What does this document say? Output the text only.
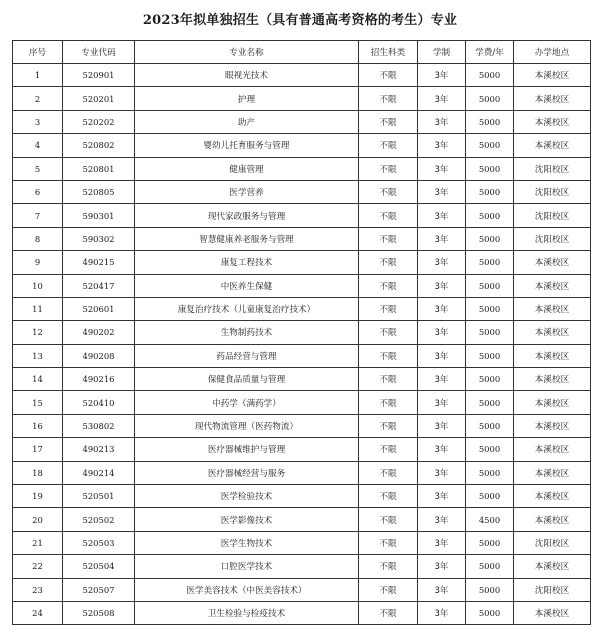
2023年拟单独招生（具有普通高考资格的考生）专业
序号	专业代码	专业名称	招生科类	学制	学费/年	办学地点
1	520901	眼视光技术	不限	3年	5000	本溪校区
2	520201	护理	不限	3年	5000	本溪校区
3	520202	助产	不限	3年	5000	本溪校区
4	520802	婴幼儿托育服务与管理	不限	3年	5000	本溪校区
5	520801	健康管理	不限	3年	5000	沈阳校区
6	520805	医学营养	不限	3年	5000	沈阳校区
7	590301	现代家政服务与管理	不限	3年	5000	沈阳校区
8	590302	智慧健康养老服务与管理	不限	3年	5000	沈阳校区
9	490215	康复工程技术	不限	3年	5000	本溪校区
10	520417	中医养生保健	不限	3年	5000	本溪校区
11	520601	康复治疗技术（儿童康复治疗技术）	不限	3年	5000	本溪校区
12	490202	生物制药技术	不限	3年	5000	本溪校区
13	490208	药品经营与管理	不限	3年	5000	本溪校区
14	490216	保健食品质量与管理	不限	3年	5000	本溪校区
15	520410	中药学（满药学）	不限	3年	5000	本溪校区
16	530802	现代物流管理（医药物流）	不限	3年	5000	本溪校区
17	490213	医疗器械维护与管理	不限	3年	5000	本溪校区
18	490214	医疗器械经营与服务	不限	3年	5000	本溪校区
19	520501	医学检验技术	不限	3年	5000	本溪校区
20	520502	医学影像技术	不限	3年	4500	本溪校区
21	520503	医学生物技术	不限	3年	5000	沈阳校区
22	520504	口腔医学技术	不限	3年	5000	本溪校区
23	520507	医学美容技术（中医美容技术）	不限	3年	5000	沈阳校区
24	520508	卫生检验与检疫技术	不限	3年	5000	本溪校区
